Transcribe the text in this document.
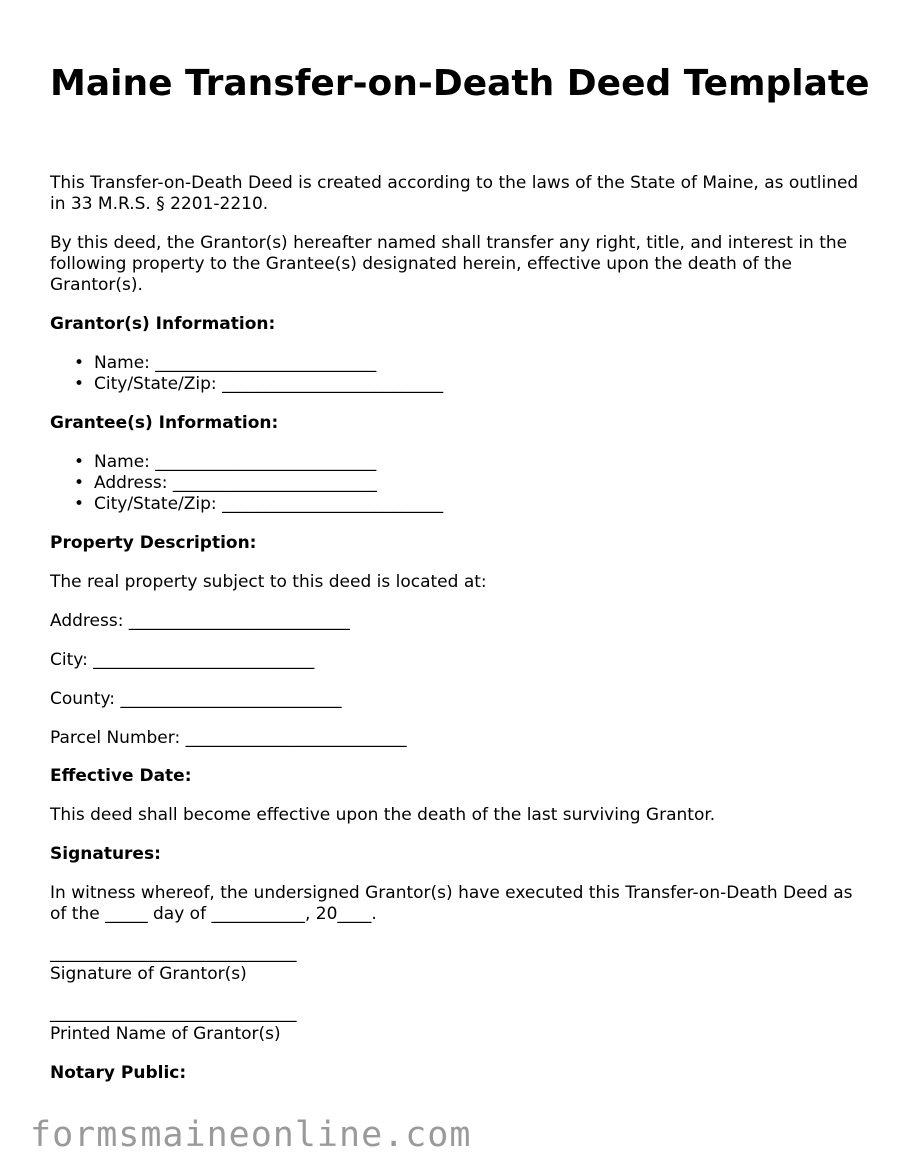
Maine Transfer-on-Death Deed Template

This Transfer-on-Death Deed is created according to the laws of the State of Maine, as outlined in 33 M.R.S. § 2201-2210.

By this deed, the Grantor(s) hereafter named shall transfer any right, title, and interest in the following property to the Grantee(s) designated herein, effective upon the death of the Grantor(s).

Grantor(s) Information:

• Name: __________________________
• City/State/Zip: __________________________

Grantee(s) Information:

• Name: __________________________
• Address: ________________________
• City/State/Zip: __________________________

Property Description:

The real property subject to this deed is located at:

Address: __________________________

City: __________________________

County: __________________________

Parcel Number: __________________________

Effective Date:

This deed shall become effective upon the death of the last surviving Grantor.

Signatures:

In witness whereof, the undersigned Grantor(s) have executed this Transfer-on-Death Deed as of the _____ day of ___________, 20____.

_____________________________

Signature of Grantor(s)

_____________________________

Printed Name of Grantor(s)

Notary Public:

formsmaineonline.com
